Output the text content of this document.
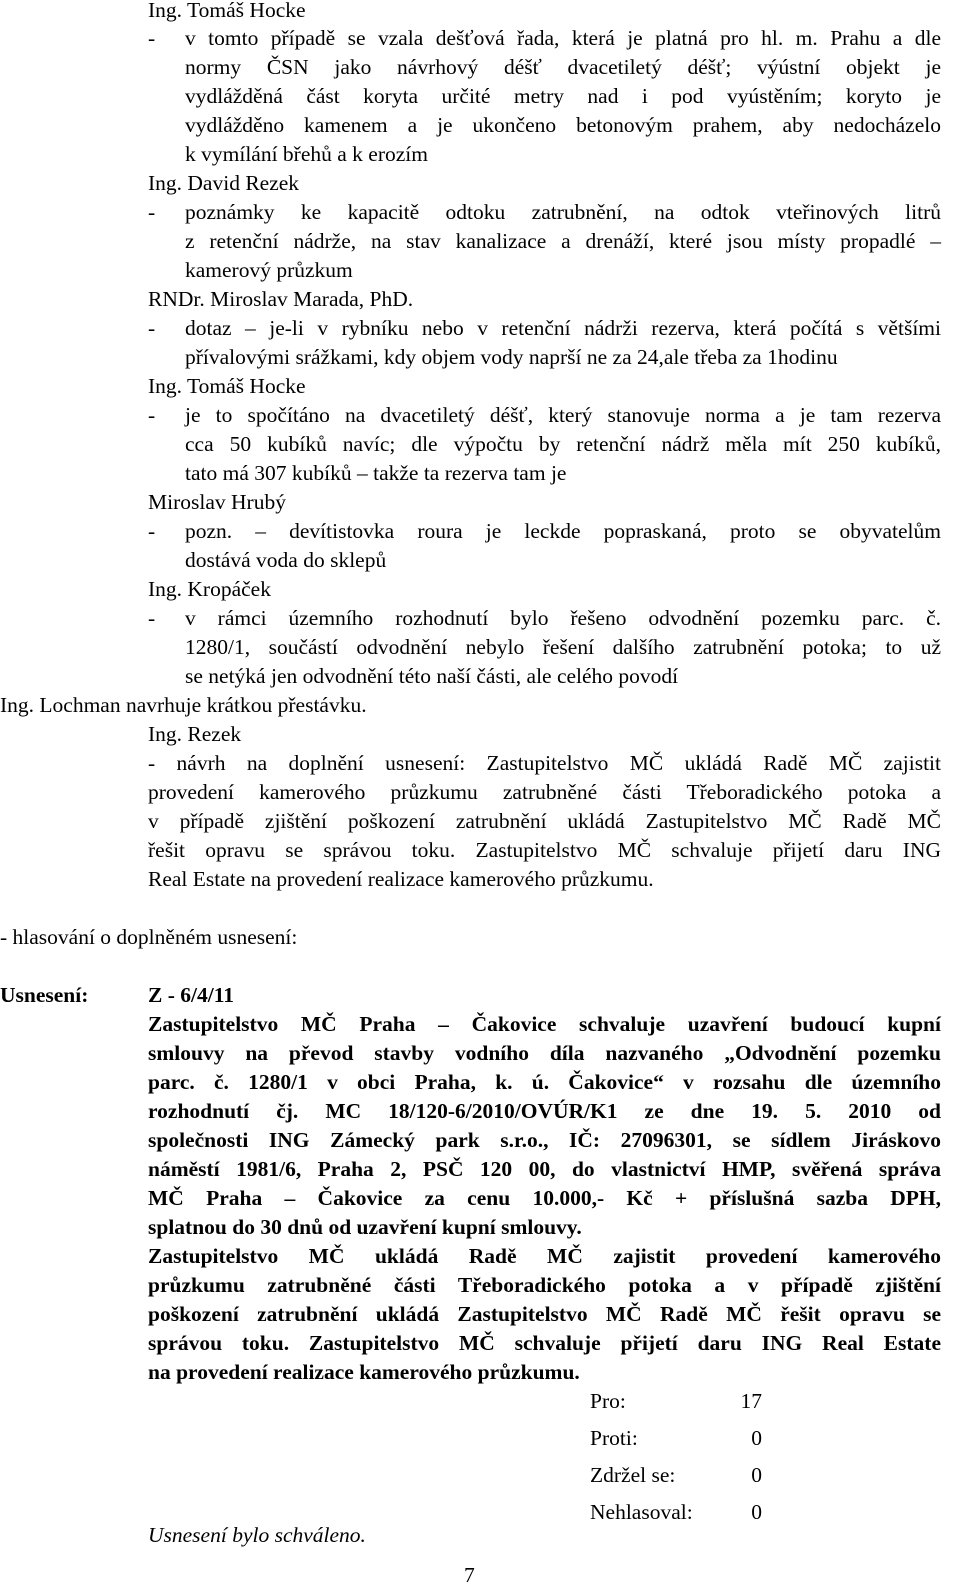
Ing. Tomáš Hocke
- v tomto případě se vzala dešťová řada, která je platná pro hl. m. Prahu a dle
normy ČSN jako návrhový déšť dvacetiletý déšť; výústní objekt je
vydlážděná část koryta určité metry nad i pod vyústěním; koryto je
vydlážděno kamenem a je ukončeno betonovým prahem, aby nedocházelo
k vymílání břehů a k erozím
Ing. David Rezek
- poznámky ke kapacitě odtoku zatrubnění, na odtok vteřinových litrů
z retenční nádrže, na stav kanalizace a drenáží, které jsou místy propadlé –
kamerový průzkum
RNDr. Miroslav Marada, PhD.
- dotaz – je-li v rybníku nebo v retenční nádrži rezerva, která počítá s většími
přívalovými srážkami, kdy objem vody naprší ne za 24,ale třeba za 1hodinu
Ing. Tomáš Hocke
- je to spočítáno na dvacetiletý déšť, který stanovuje norma a je tam rezerva
cca 50 kubíků navíc; dle výpočtu by retenční nádrž měla mít 250 kubíků,
tato má 307 kubíků – takže ta rezerva tam je
Miroslav Hrubý
- pozn. – devítistovka roura je leckde popraskaná, proto se obyvatelům
dostává voda do sklepů
Ing. Kropáček
- v rámci územního rozhodnutí bylo řešeno odvodnění pozemku parc. č.
1280/1, součástí odvodnění nebylo řešení dalšího zatrubnění potoka; to už
se netýká jen odvodnění této naší části, ale celého povodí
Ing. Lochman navrhuje krátkou přestávku.
Ing. Rezek
- návrh na doplnění usnesení: Zastupitelstvo MČ ukládá Radě MČ zajistit
provedení kamerového průzkumu zatrubněné části Třeboradického potoka a
v případě zjištění poškození zatrubnění ukládá Zastupitelstvo MČ Radě MČ
řešit opravu se správou toku. Zastupitelstvo MČ schvaluje přijetí daru ING
Real Estate na provedení realizace kamerového průzkumu.
- hlasování o doplněném usnesení:
Usnesení:	Z - 6/4/11
Zastupitelstvo MČ Praha – Čakovice schvaluje uzavření budoucí kupní
smlouvy na převod stavby vodního díla nazvaného „Odvodnění pozemku
parc. č. 1280/1 v obci Praha, k. ú. Čakovice“ v rozsahu dle územního
rozhodnutí čj. MC 18/120-6/2010/OVÚR/K1 ze dne 19. 5. 2010 od
společnosti ING Zámecký park s.r.o., IČ: 27096301, se sídlem Jiráskovo
náměstí 1981/6, Praha 2, PSČ 120 00, do vlastnictví HMP, svěřená správa
MČ Praha – Čakovice za cenu 10.000,- Kč + příslušná sazba DPH,
splatnou do 30 dnů od uzavření kupní smlouvy.
Zastupitelstvo MČ ukládá Radě MČ zajistit provedení kamerového
průzkumu zatrubněné části Třeboradického potoka a v případě zjištění
poškození zatrubnění ukládá Zastupitelstvo MČ Radě MČ řešit opravu se
správou toku. Zastupitelstvo MČ schvaluje přijetí daru ING Real Estate
na provedení realizace kamerového průzkumu.
Pro:	17
Proti:	0
Zdržel se:	0
Nehlasoval:	0
Usnesení bylo schváleno.
7
